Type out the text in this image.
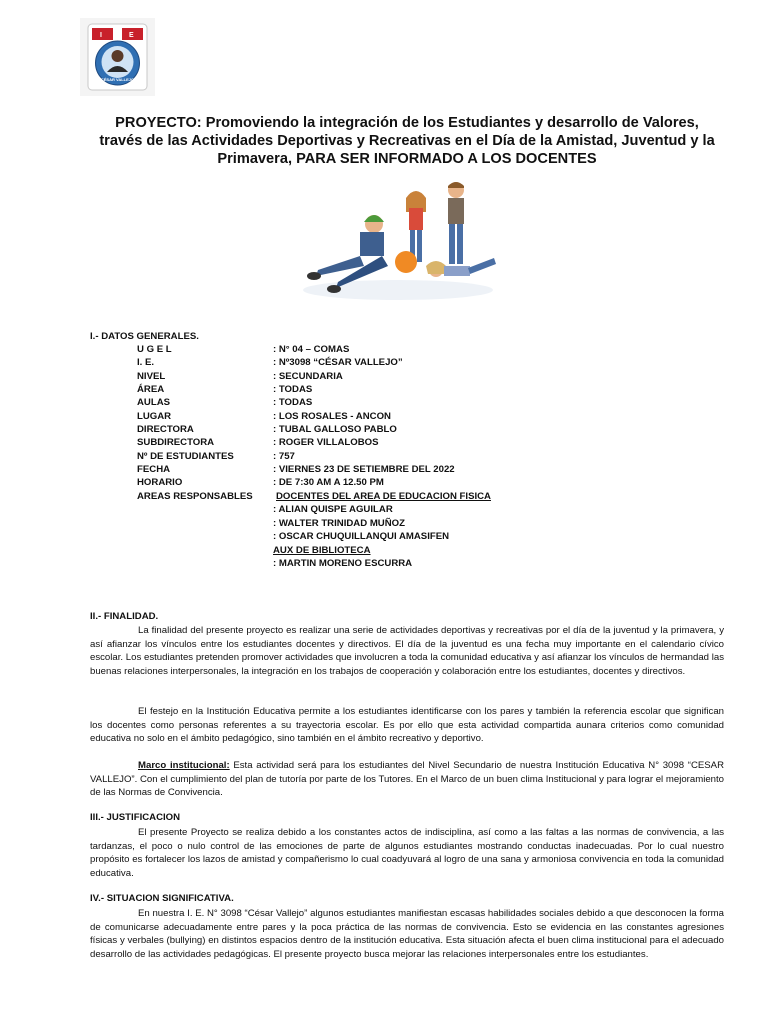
I	E
CÉSAR VALLEJO
PROYECTO: Promoviendo la integración de los Estudiantes y desarrollo de Valores, través de las Actividades Deportivas y Recreativas en el Día de la Amistad, Juventud y la Primavera, PARA SER INFORMADO A LOS DOCENTES
I.- DATOS GENERALES.
U G E L	: N° 04 – COMAS
I. E.	: Nº3098 “CÉSAR VALLEJO”
NIVEL	: SECUNDARIA
ÁREA	: TODAS
AULAS	: TODAS
LUGAR	: LOS ROSALES - ANCON
DIRECTORA	: TUBAL GALLOSO PABLO
SUBDIRECTORA	: ROGER VILLALOBOS
Nº DE ESTUDIANTES	: 757
FECHA	: VIERNES 23 DE SETIEMBRE DEL 2022
HORARIO	: DE 7:30 AM A 12.50 PM
AREAS RESPONSABLES	DOCENTES DEL AREA DE EDUCACION FISICA
: ALIAN QUISPE AGUILAR
: WALTER TRINIDAD MUÑOZ
: OSCAR CHUQUILLANQUI AMASIFEN
AUX DE BIBLIOTECA
: MARTIN MORENO ESCURRA
II.- FINALIDAD.
La finalidad del presente proyecto es realizar una serie de actividades deportivas y recreativas por el día de la juventud y la primavera, y así afianzar los vínculos entre los estudiantes docentes y directivos. El día de la juventud es una fecha muy importante en el calendario cívico escolar. Los estudiantes pretenden promover actividades que involucren a toda la comunidad educativa y así afianzar los vínculos de hermandad las buenas relaciones interpersonales, la integración en los trabajos de cooperación y colaboración entre los estudiantes, docentes y directivos.
El festejo en la Institución Educativa permite a los estudiantes identificarse con los pares y también la referencia escolar que significan los docentes como personas referentes a su trayectoria escolar. Es por ello que esta actividad compartida aunara criterios como comunidad educativa no solo en el ámbito pedagógico, sino también en el ámbito recreativo y deportivo.
Marco institucional: Esta actividad será para los estudiantes del Nivel Secundario de nuestra Institución Educativa N° 3098 “CESAR VALLEJO”. Con el cumplimiento del plan de tutoría por parte de los Tutores. En el Marco de un buen clima Institucional y para lograr el mejoramiento de las Normas de Convivencia.
III.- JUSTIFICACION
El presente Proyecto se realiza debido a los constantes actos de indisciplina, así como a las faltas a las normas de convivencia, a las tardanzas, el poco o nulo control de las emociones de parte de algunos estudiantes mostrando conductas inadecuadas. Por lo cual nuestro propósito es fortalecer los lazos de amistad y compañerismo lo cual coadyuvará al logro de una sana y armoniosa convivencia en toda la comunidad educativa.
IV.- SITUACION SIGNIFICATIVA.
En nuestra I. E. N° 3098 “César Vallejo” algunos estudiantes manifiestan escasas habilidades sociales debido a que desconocen la forma de comunicarse adecuadamente entre pares y la poca práctica de las normas de convivencia. Esto se evidencia en las constantes agresiones físicas y verbales (bullying) en distintos espacios dentro de la institución educativa. Esta situación afecta el buen clima institucional para el adecuado desarrollo de las actividades pedagógicas. El presente proyecto busca mejorar las relaciones interpersonales entre los estudiantes.
